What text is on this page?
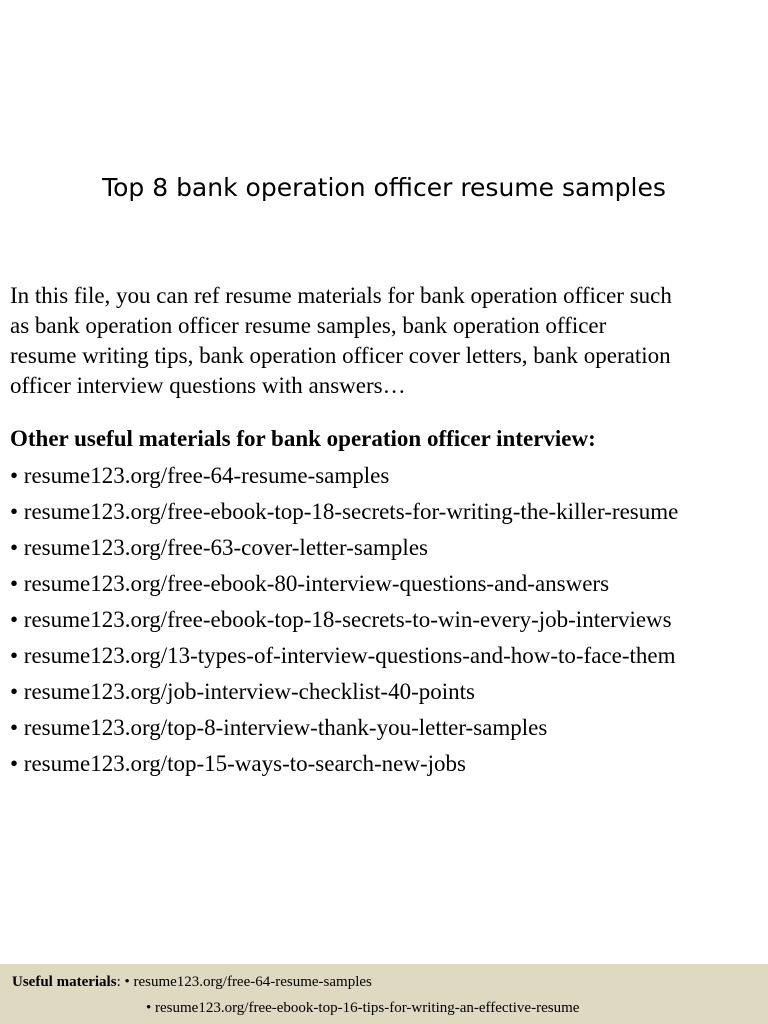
Top 8 bank operation officer resume samples

In this file, you can ref resume materials for bank operation officer such
as bank operation officer resume samples, bank operation officer
resume writing tips, bank operation officer cover letters, bank operation
officer interview questions with answers…

Other useful materials for bank operation officer interview:
• resume123.org/free-64-resume-samples
• resume123.org/free-ebook-top-18-secrets-for-writing-the-killer-resume
• resume123.org/free-63-cover-letter-samples
• resume123.org/free-ebook-80-interview-questions-and-answers
• resume123.org/free-ebook-top-18-secrets-to-win-every-job-interviews
• resume123.org/13-types-of-interview-questions-and-how-to-face-them
• resume123.org/job-interview-checklist-40-points
• resume123.org/top-8-interview-thank-you-letter-samples
• resume123.org/top-15-ways-to-search-new-jobs
Useful materials: • resume123.org/free-64-resume-samples
• resume123.org/free-ebook-top-16-tips-for-writing-an-effective-resume
